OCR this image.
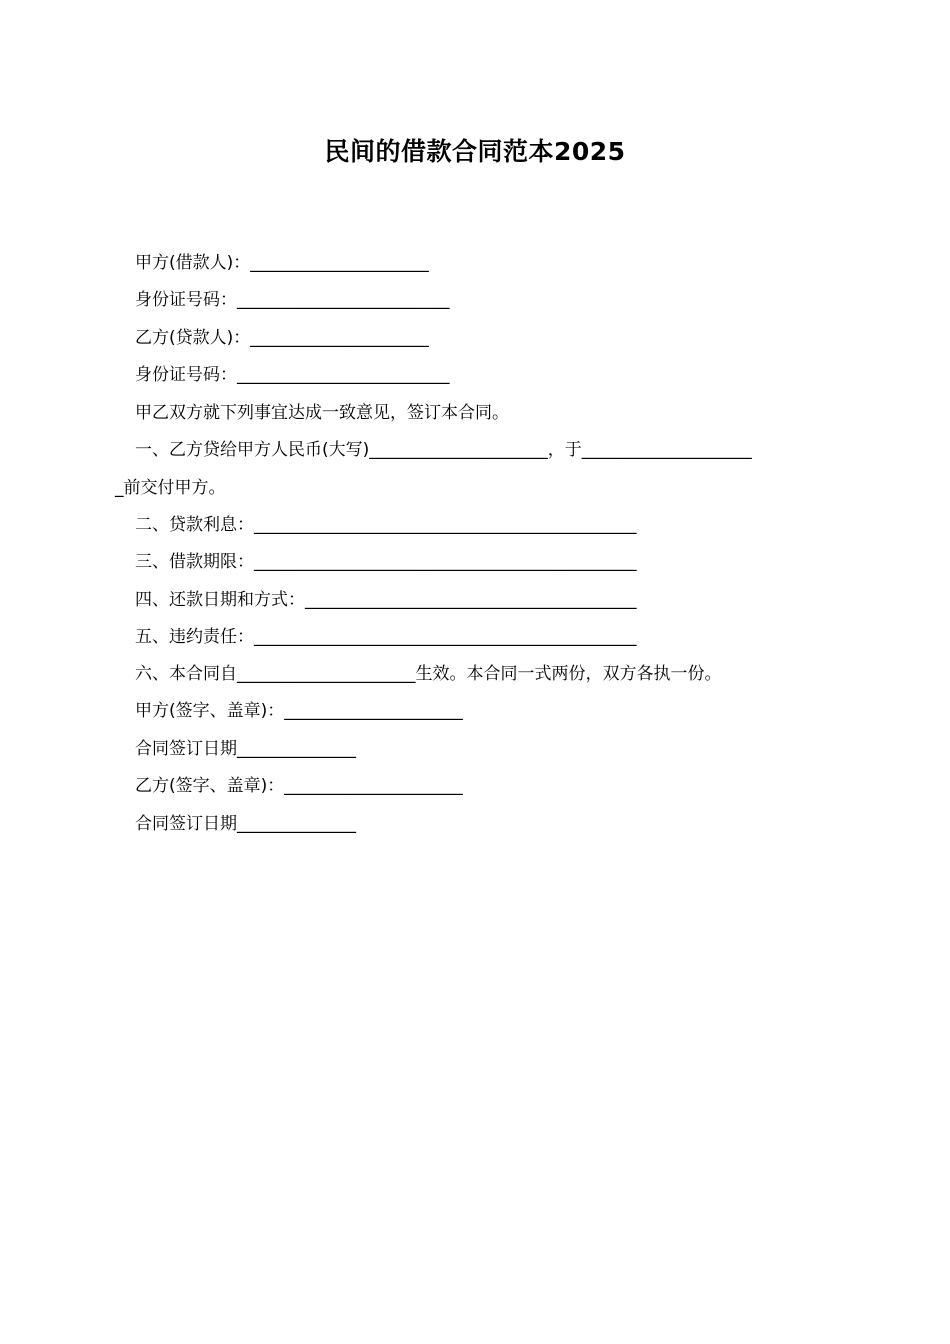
民间的借款合同范本2025
甲方(借款人)：_____________________
身份证号码：_________________________
乙方(贷款人)：_____________________
身份证号码：_________________________
甲乙双方就下列事宜达成一致意见，签订本合同。
一、乙方贷给甲方人民币(大写)_____________________，于____________________
_前交付甲方。
二、贷款利息：_____________________________________________
三、借款期限：_____________________________________________
四、还款日期和方式：_______________________________________
五、违约责任：_____________________________________________
六、本合同自_____________________生效。本合同一式两份，双方各执一份。
甲方(签字、盖章)：_____________________
合同签订日期______________
乙方(签字、盖章)：_____________________
合同签订日期______________
